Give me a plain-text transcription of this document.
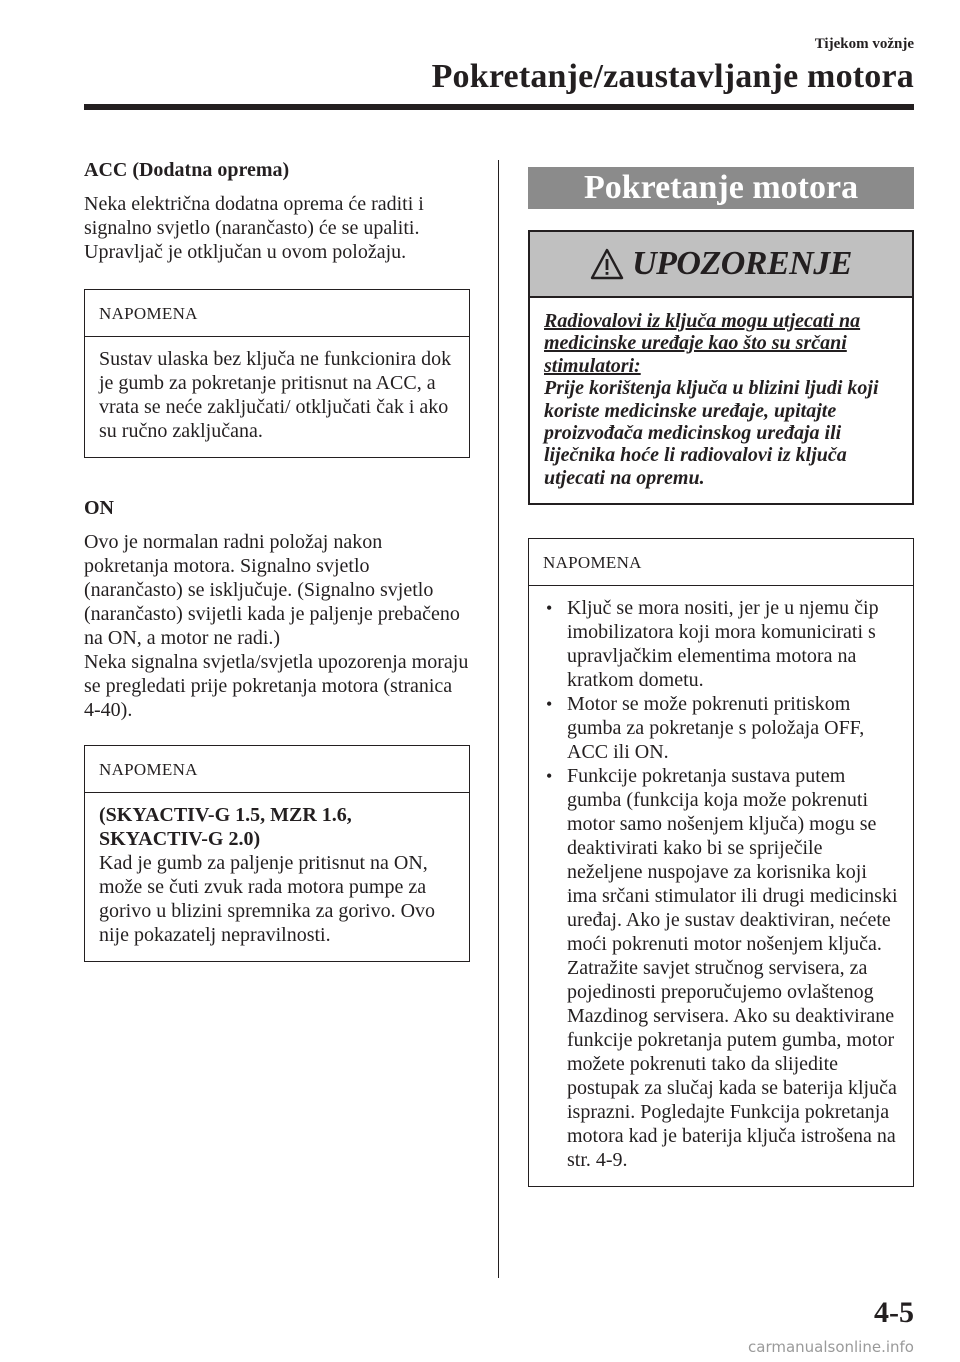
Tijekom vožnje
Pokretanje/zaustavljanje motora
ACC (Dodatna oprema)

Neka električna dodatna oprema će raditi i signalno svjetlo (narančasto) će se upaliti. Upravljač je otključan u ovom položaju.

NAPOMENA
Sustav ulaska bez ključa ne funkcionira dok je gumb za pokretanje pritisnut na ACC, a vrata se neće zaključati/ otključati čak i ako su ručno zaključana.
ON

Ovo je normalan radni položaj nakon pokretanja motora. Signalno svjetlo (narančasto) se isključuje. (Signalno svjetlo (narančasto) svijetli kada je paljenje prebačeno na ON, a motor ne radi.)

Neka signalna svjetla/svjetla upozorenja moraju se pregledati prije pokretanja motora (stranica 4-40).

NAPOMENA
(SKYACTIV-G 1.5, MZR 1.6, SKYACTIV-G 2.0)
Kad je gumb za paljenje pritisnut na ON, može se čuti zvuk rada motora pumpe za gorivo u blizini spremnika za gorivo. Ovo nije pokazatelj nepravilnosti.
Pokretanje motora
UPOZORENJE
Radiovalovi iz ključa mogu utjecati na medicinske uređaje kao što su srčani stimulatori:
Prije korištenja ključa u blizini ljudi koji koriste medicinske uređaje, upitajte proizvođača medicinskog uređaja ili liječnika hoće li radiovalovi iz ključa utjecati na opremu.
NAPOMENA
• Ključ se mora nositi, jer je u njemu čip imobilizatora koji mora komunicirati s upravljačkim elementima motora na kratkom dometu.
• Motor se može pokrenuti pritiskom gumba za pokretanje s položaja OFF, ACC ili ON.
• Funkcije pokretanja sustava putem gumba (funkcija koja može pokrenuti motor samo nošenjem ključa) mogu se deaktivirati kako bi se spriječile neželjene nuspojave za korisnika koji ima srčani stimulator ili drugi medicinski uređaj. Ako je sustav deaktiviran, nećete moći pokrenuti motor nošenjem ključa. Zatražite savjet stručnog servisera, za pojedinosti preporučujemo ovlaštenog Mazdinog servisera. Ako su deaktivirane funkcije pokretanja putem gumba, motor možete pokrenuti tako da slijedite postupak za slučaj kada se baterija ključa isprazni. Pogledajte Funkcija pokretanja motora kad je baterija ključa istrošena na str. 4-9.
4-5
carmanualsonline.info
